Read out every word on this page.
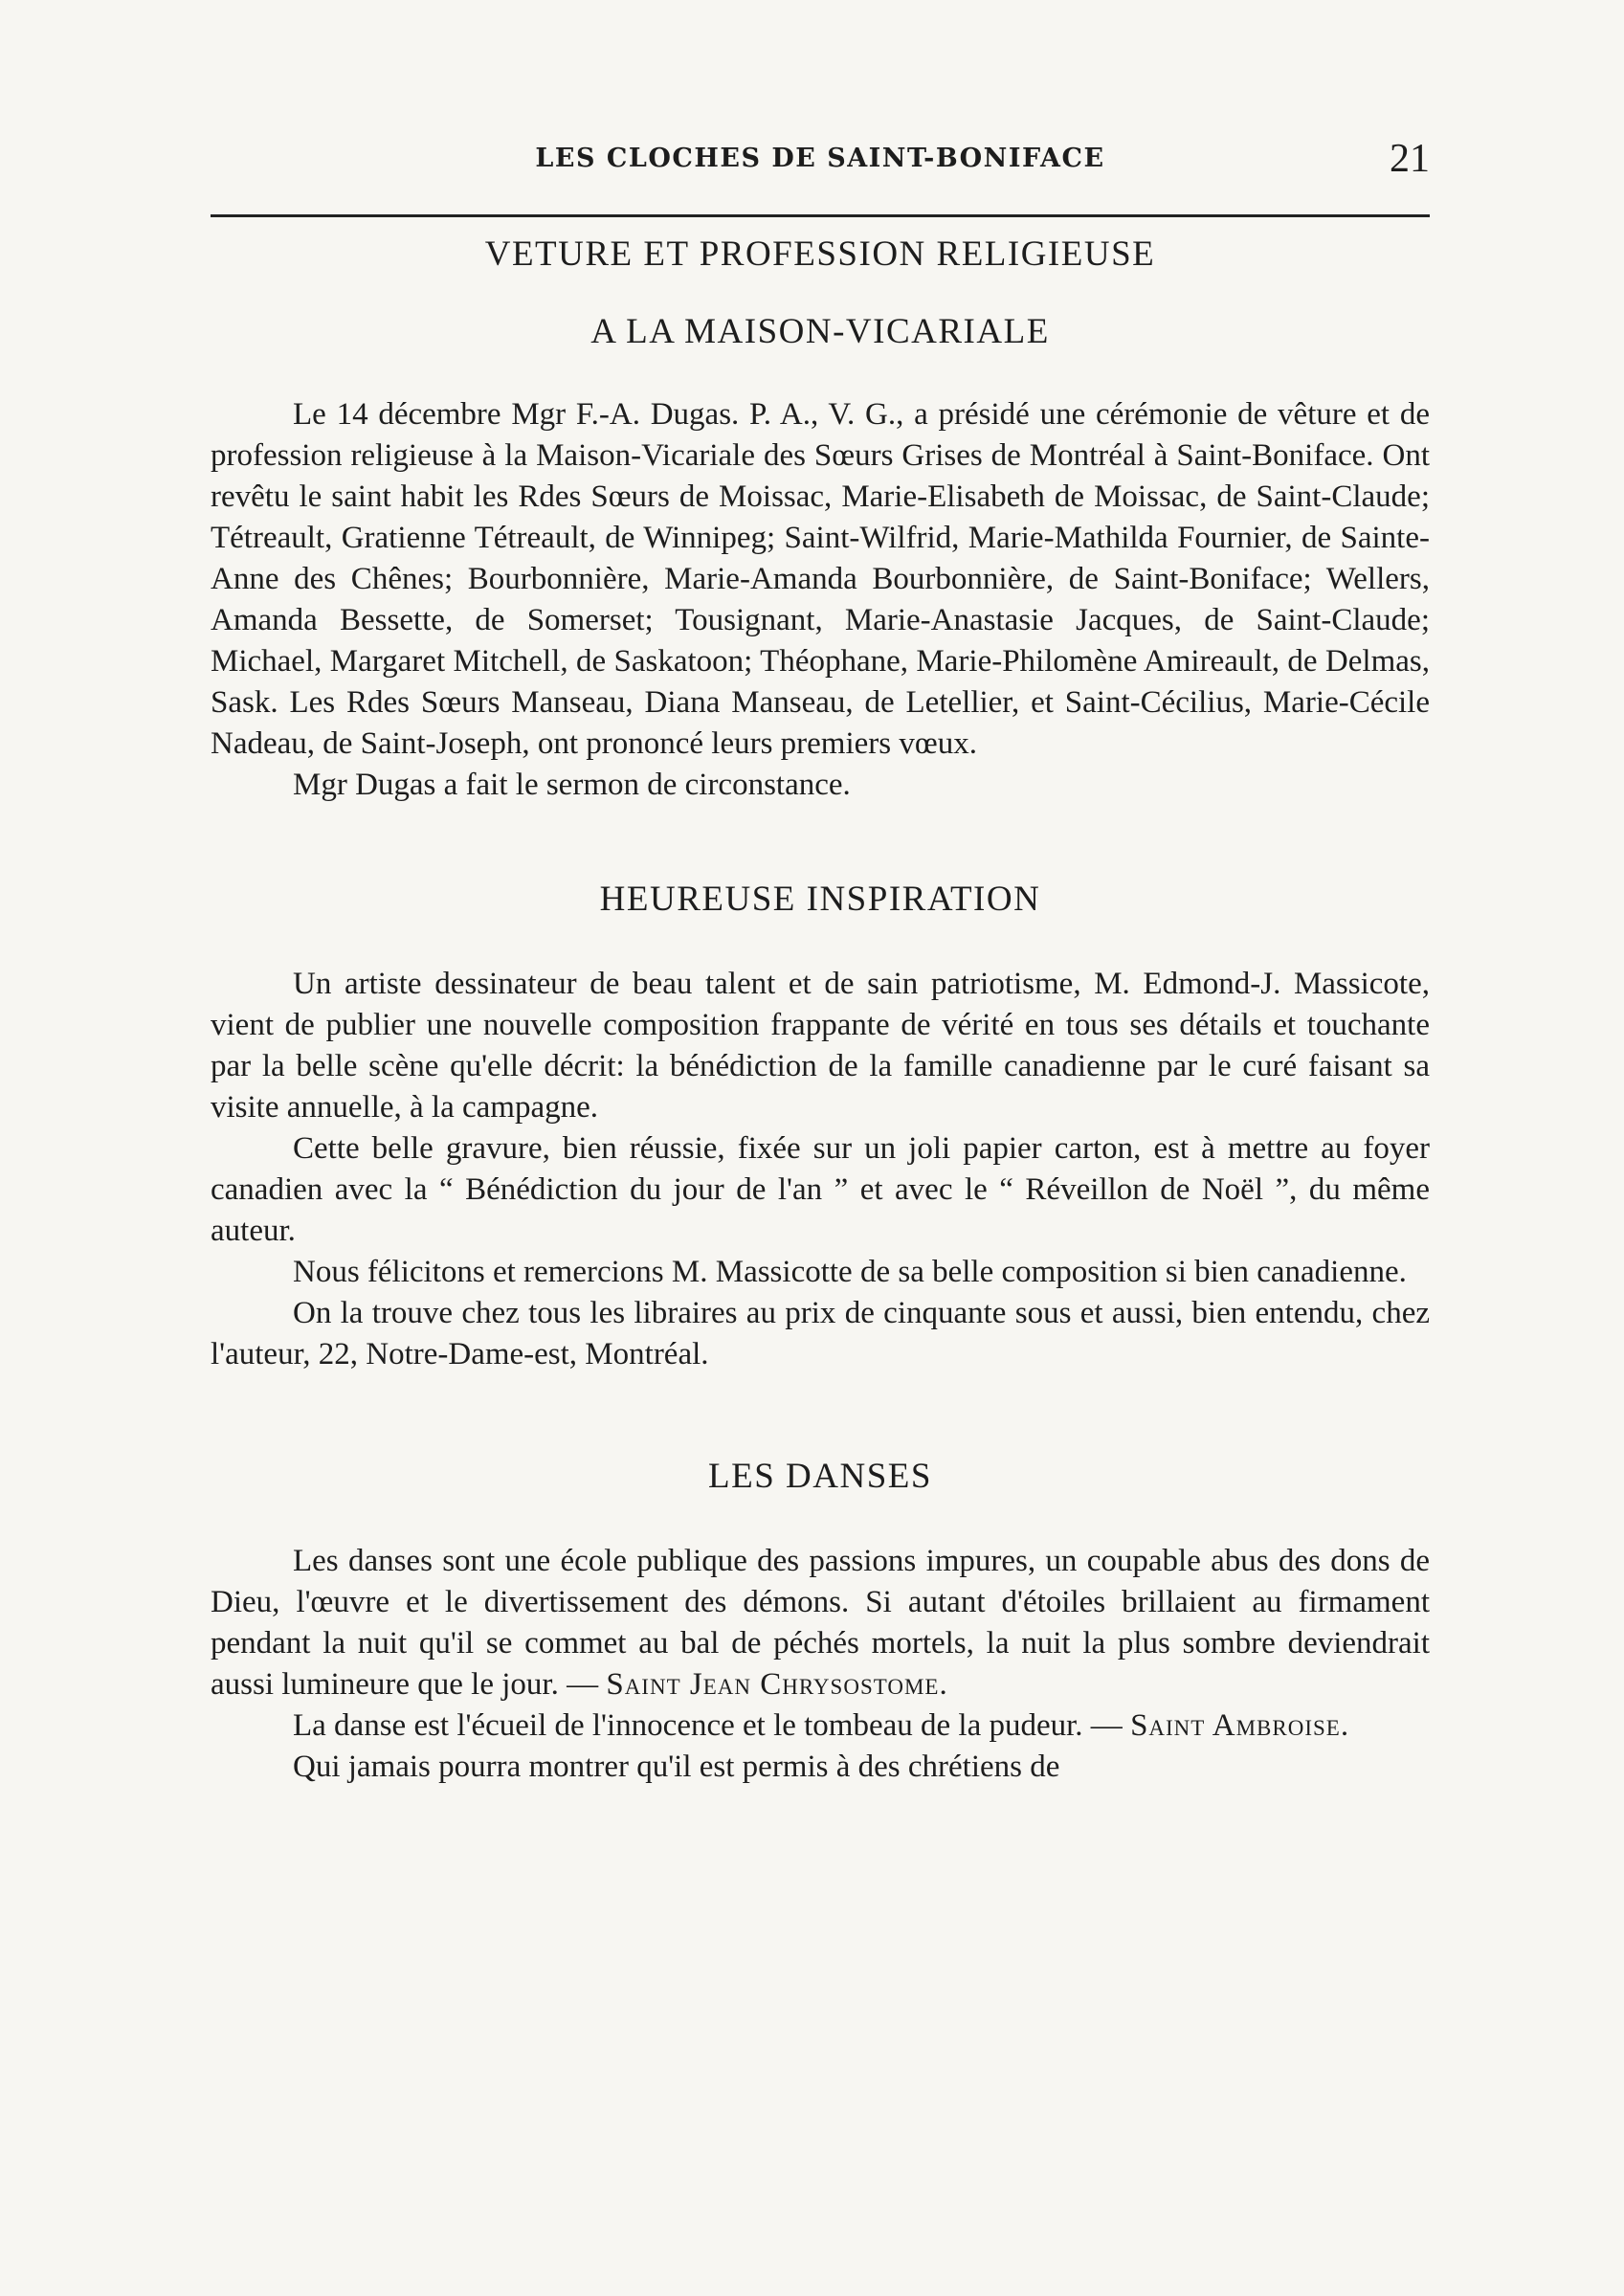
LES CLOCHES DE SAINT-BONIFACE	21
VETURE ET PROFESSION RELIGIEUSE
A LA MAISON-VICARIALE

Le 14 décembre Mgr F.-A. Dugas. P. A., V. G., a présidé une cérémonie de vêture et de profession religieuse à la Maison-Vicariale des Sœurs Grises de Montréal à Saint-Boniface. Ont revêtu le saint habit les Rdes Sœurs de Moissac, Marie-Elisabeth de Moissac, de Saint-Claude; Tétreault, Gratienne Tétreault, de Winnipeg; Saint-Wilfrid, Marie-Mathilda Fournier, de Sainte-Anne des Chênes; Bourbonnière, Marie-Amanda Bourbonnière, de Saint-Boniface; Wellers, Amanda Bessette, de Somerset; Tousignant, Marie-Anastasie Jacques, de Saint-Claude; Michael, Margaret Mitchell, de Saskatoon; Théophane, Marie-Philomène Amireault, de Delmas, Sask. Les Rdes Sœurs Manseau, Diana Manseau, de Letellier, et Saint-Cécilius, Marie-Cécile Nadeau, de Saint-Joseph, ont prononcé leurs premiers vœux.

Mgr Dugas a fait le sermon de circonstance.

HEUREUSE INSPIRATION

Un artiste dessinateur de beau talent et de sain patriotisme, M. Edmond-J. Massicote, vient de publier une nouvelle composition frappante de vérité en tous ses détails et touchante par la belle scène qu'elle décrit: la bénédiction de la famille canadienne par le curé faisant sa visite annuelle, à la campagne.

Cette belle gravure, bien réussie, fixée sur un joli papier carton, est à mettre au foyer canadien avec la “ Bénédiction du jour de l'an ” et avec le “ Réveillon de Noël ”, du même auteur.

Nous félicitons et remercions M. Massicotte de sa belle composition si bien canadienne.

On la trouve chez tous les libraires au prix de cinquante sous et aussi, bien entendu, chez l'auteur, 22, Notre-Dame-est, Montréal.

LES DANSES

Les danses sont une école publique des passions impures, un coupable abus des dons de Dieu, l'œuvre et le divertissement des démons. Si autant d'étoiles brillaient au firmament pendant la nuit qu'il se commet au bal de péchés mortels, la nuit la plus sombre deviendrait aussi lumineure que le jour. — Saint Jean Chrysostome.

La danse est l'écueil de l'innocence et le tombeau de la pudeur. — Saint Ambroise.

Qui jamais pourra montrer qu'il est permis à des chrétiens de
